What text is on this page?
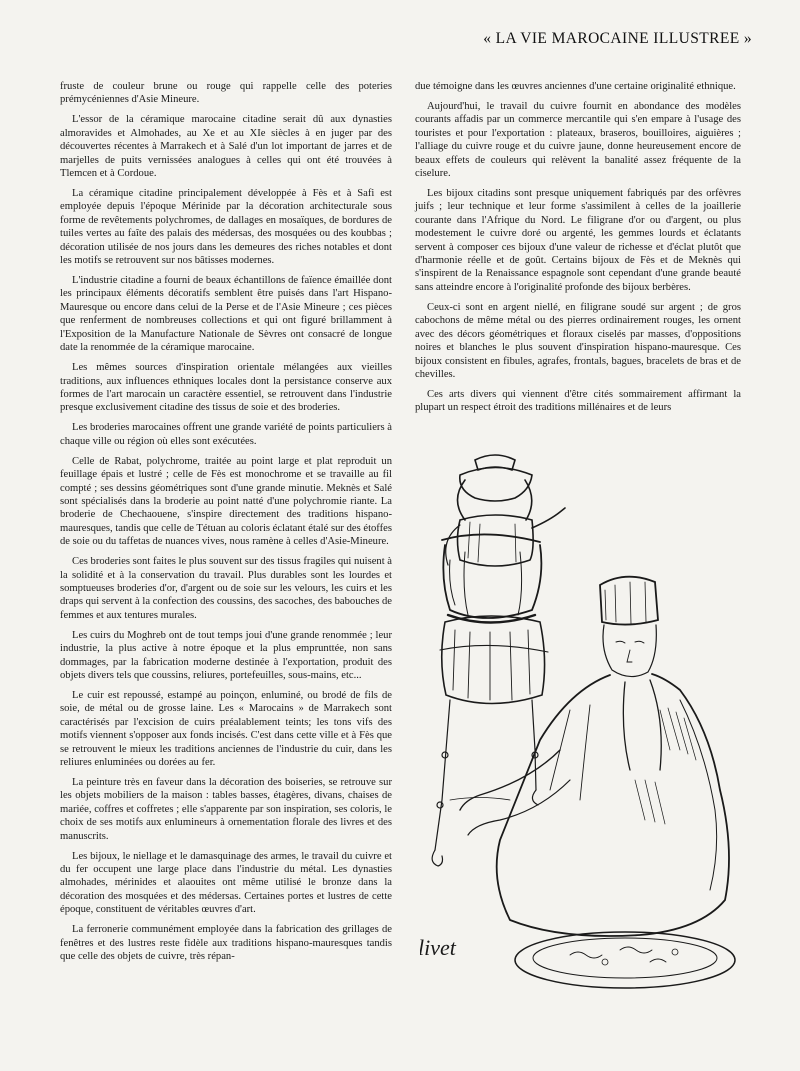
« LA VIE MAROCAINE ILLUSTREE »

fruste de couleur brune ou rouge qui rappelle celle des poteries prémycéniennes d'Asie Mineure.

L'essor de la céramique marocaine citadine serait dû aux dynasties almoravides et Almohades, au Xe et au XIe siècles à en juger par des découvertes récentes à Marrakech et à Salé d'un lot important de jarres et de marjelles de puits vernissées analogues à celles qui ont été trouvées à Tlemcen et à Cordoue.

La céramique citadine principalement développée à Fès et à Safi est employée depuis l'époque Mérinide par la décoration architecturale sous forme de revêtements polychromes, de dallages en mosaïques, de bordures de tuiles vertes au faîte des palais des médersas, des mosquées ou des koubbas ; décoration utilisée de nos jours dans les demeures des riches notables et dont les motifs se retrouvent sur nos bâtisses modernes.

L'industrie citadine a fourni de beaux échantillons de faïence émaillée dont les principaux éléments décoratifs semblent être puisés dans l'art Hispano-Mauresque ou encore dans celui de la Perse et de l'Asie Mineure ; ces pièces que renferment de nombreuses collections et qui ont figuré brillamment à l'Exposition de la Manufacture Nationale de Sèvres ont consacré de longue date la renommée de la céramique marocaine.

Les mêmes sources d'inspiration orientale mélangées aux vieilles traditions, aux influences ethniques locales dont la persistance conserve aux formes de l'art marocain un caractère essentiel, se retrouvent dans l'industrie presque exclusivement citadine des tissus de soie et des broderies.

Les broderies marocaines offrent une grande variété de points particuliers à chaque ville ou région où elles sont exécutées.

Celle de Rabat, polychrome, traitée au point large et plat reproduit un feuillage épais et lustré ; celle de Fès est monochrome et se travaille au fil compté ; ses dessins géométriques sont d'une grande minutie. Meknès et Salé sont spécialisés dans la broderie au point natté d'une polychromie riante. La broderie de Chechaouene, s'inspire directement des traditions hispano-mauresques, tandis que celle de Tétuan au coloris éclatant étalé sur des étoffes de soie ou du taffetas de nuances vives, nous ramène à celles d'Asie-Mineure.

Ces broderies sont faites le plus souvent sur des tissus fragiles qui nuisent à la solidité et à la conservation du travail. Plus durables sont les lourdes et somptueuses broderies d'or, d'argent ou de soie sur les velours, les cuirs et les draps qui servent à la confection des coussins, des sacoches, des babouches de femmes et aux tentures murales.

Les cuirs du Moghreb ont de tout temps joui d'une grande renommée ; leur industrie, la plus active à notre époque et la plus emprunttée, non sans dommages, par la fabrication moderne destinée à l'exportation, produit des objets divers tels que coussins, reliures, portefeuilles, sous-mains, etc...

Le cuir est repoussé, estampé au poinçon, enluminé, ou brodé de fils de soie, de métal ou de grosse laine. Les « Marocains » de Marrakech sont caractérisés par l'excision de cuirs préalablement teints; les tons vifs des motifs viennent s'opposer aux fonds incisés. C'est dans cette ville et à Fès que se retrouvent le mieux les traditions anciennes de l'industrie du cuir, dans les reliures enluminées ou dorées au fer.

La peinture très en faveur dans la décoration des boiseries, se retrouve sur les objets mobiliers de la maison : tables basses, étagères, divans, chaises de mariée, coffres et coffretes ; elle s'apparente par son inspiration, ses coloris, le choix de ses motifs aux enlumineurs à ornementation florale des livres et des manuscrits.

Les bijoux, le niellage et le damasquinage des armes, le travail du cuivre et du fer occupent une large place dans l'industrie du métal. Les dynasties almohades, mérinides et alaouites ont même utilisé le bronze dans la décoration des mosquées et des médersas. Certaines portes et lustres de cette époque, constituent de véritables œuvres d'art.

La ferronerie communément employée dans la fabrication des grillages de fenêtres et des lustres reste fidèle aux traditions hispano-mauresques tandis que celle des objets de cuivre, très répan-

due témoigne dans les œuvres anciennes d'une certaine originalité ethnique.

Aujourd'hui, le travail du cuivre fournit en abondance des modèles courants affadis par un commerce mercantile qui s'en empare à l'usage des touristes et pour l'exportation : plateaux, braseros, bouilloires, aiguières ; l'alliage du cuivre rouge et du cuivre jaune, donne heureusement encore de beaux effets de couleurs qui relèvent la banalité assez fréquente de la ciselure.

Les bijoux citadins sont presque uniquement fabriqués par des orfèvres juifs ; leur technique et leur forme s'assimilent à celles de la joaillerie courante dans l'Afrique du Nord. Le filigrane d'or ou d'argent, ou plus modestement le cuivre doré ou argenté, les gemmes lourds et éclatants servent à composer ces bijoux d'une valeur de richesse et d'éclat plutôt que d'harmonie réelle et de goût. Certains bijoux de Fès et de Meknès qui s'inspirent de la Renaissance espagnole sont cependant d'une grande beauté sans atteindre encore à l'originalité profonde des bijoux berbères.

Ceux-ci sont en argent niellé, en filigrane soudé sur argent ; de gros cabochons de même métal ou des pierres ordinairement rouges, les ornent avec des décors géométriques et floraux ciselés par masses, d'oppositions noires et blanches le plus souvent d'inspiration hispano-mauresque. Ces bijoux consistent en fibules, agrafes, frontals, bagues, bracelets de bras et de chevilles.

Ces arts divers qui viennent d'être cités sommairement affirmant la plupart un respect étroit des traditions millénaires et de leurs

livet
